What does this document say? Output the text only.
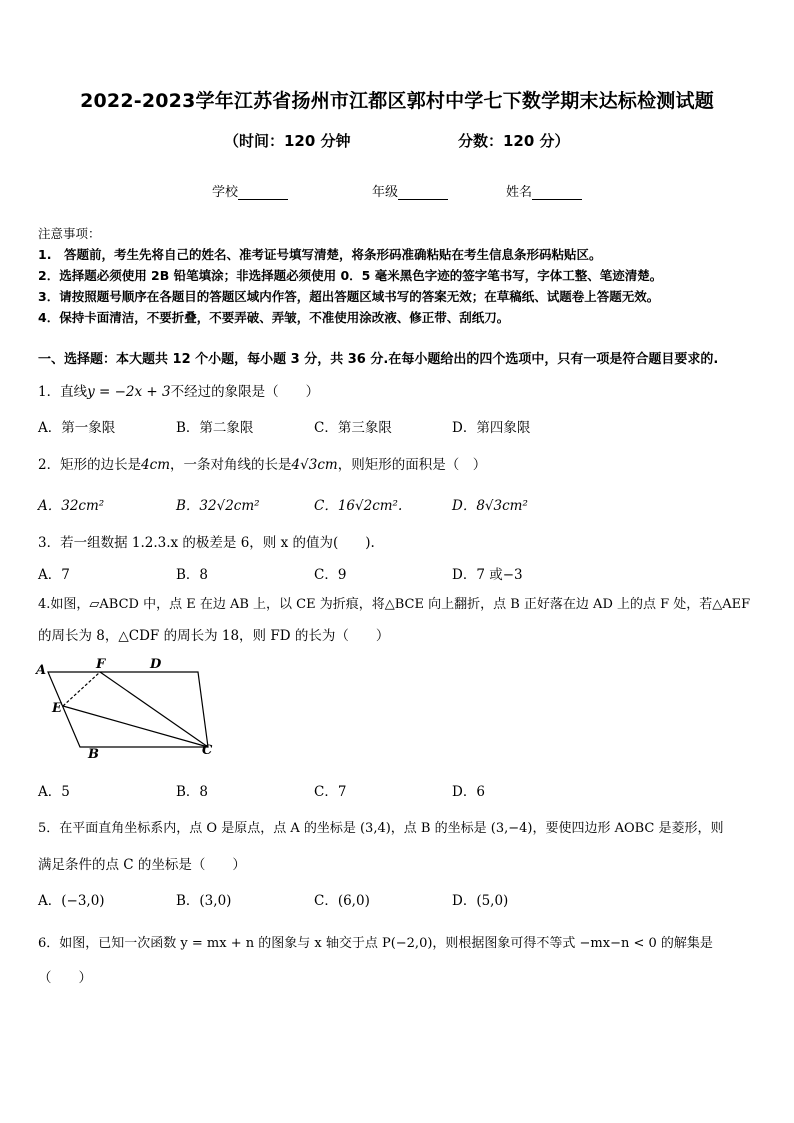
2022-2023学年江苏省扬州市江都区郭村中学七下数学期末达标检测试题
（时间：120 分钟	分数：120 分）
学校	年级	姓名
注意事项：
1.　答题前，考生先将自己的姓名、准考证号填写清楚，将条形码准确粘贴在考生信息条形码粘贴区。
2．选择题必须使用 2B 铅笔填涂；非选择题必须使用 0．5 毫米黑色字迹的签字笔书写，字体工整、笔迹清楚。
3．请按照题号顺序在各题目的答题区域内作答，超出答题区域书写的答案无效；在草稿纸、试题卷上答题无效。
4．保持卡面清洁，不要折叠，不要弄破、弄皱，不准使用涂改液、修正带、刮纸刀。
一、选择题：本大题共 12 个小题，每小题 3 分，共 36 分.在每小题给出的四个选项中，只有一项是符合题目要求的.
1．直线y = −2x + 3不经过的象限是（　　）
A．第一象限	B．第二象限	C．第三象限	D．第四象限
2．矩形的边长是4cm，一条对角线的长是4√3cm，则矩形的面积是（　）
A．32cm²	B．32√2cm²	C．16√2cm².	D．8√3cm²
3．若一组数据 1.2.3.x 的极差是 6，则 x 的值为(　　).
A．7	B．8	C．9	D．7 或−3
4.如图，▱ABCD 中，点 E 在边 AB 上，以 CE 为折痕，将△BCE 向上翻折，点 B 正好落在边 AD 上的点 F 处，若△AEF
的周长为 8，△CDF 的周长为 18，则 FD 的长为（　　）
A	F	D
E
B	C
A．5	B．8	C．7	D．6
5．在平面直角坐标系内，点 O 是原点，点 A 的坐标是 (3,4)，点 B 的坐标是 (3,−4)，要使四边形 AOBC 是菱形，则
满足条件的点 C 的坐标是（　　）
A．(−3,0)	B．(3,0)	C．(6,0)	D．(5,0)
6．如图，已知一次函数 y = mx + n 的图象与 x 轴交于点 P(−2,0)，则根据图象可得不等式 −mx−n < 0 的解集是
（　　）
